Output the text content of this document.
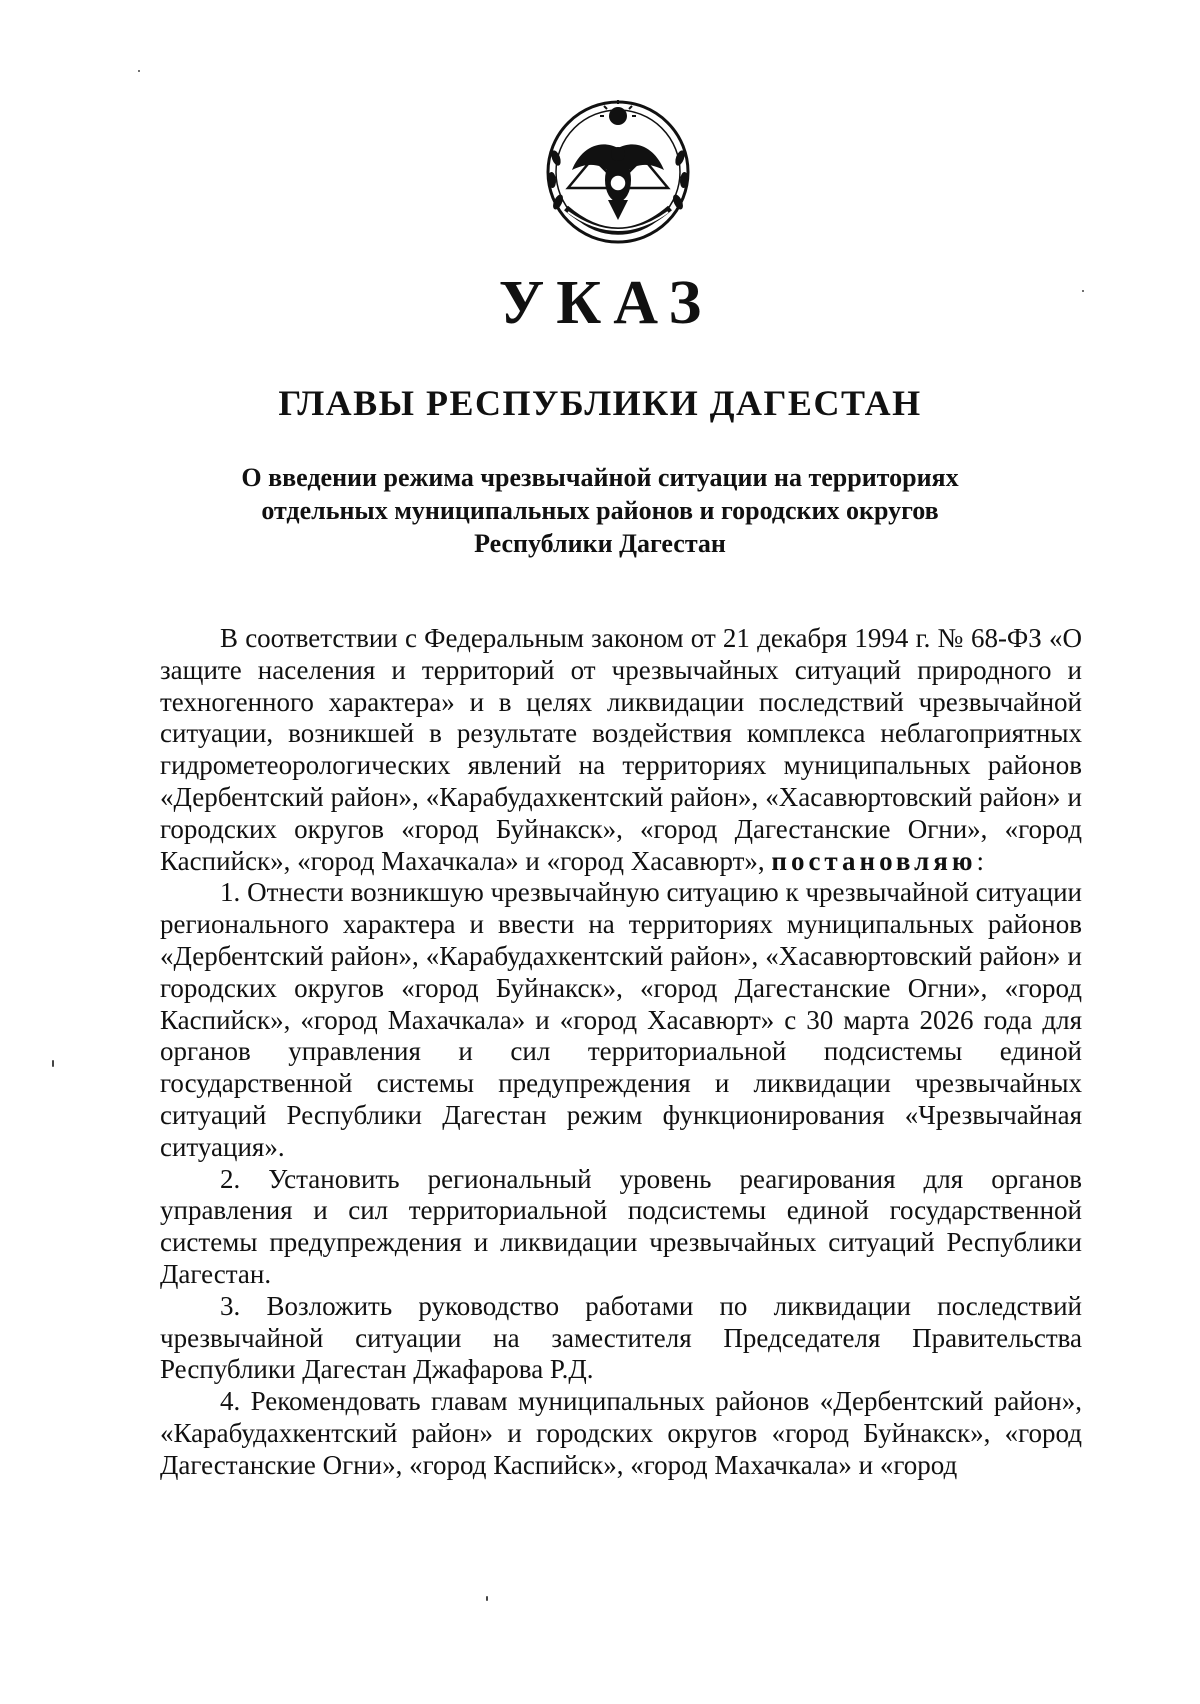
УКАЗ
ГЛАВЫ РЕСПУБЛИКИ ДАГЕСТАН
О введении режима чрезвычайной ситуации на территориях
отдельных муниципальных районов и городских округов
Республики Дагестан

В соответствии с Федеральным законом от 21 декабря 1994 г. № 68-ФЗ «О защите населения и территорий от чрезвычайных ситуаций природного и техногенного характера» и в целях ликвидации последствий чрезвычайной ситуации, возникшей в результате воздействия комплекса неблагоприятных гидрометеорологических явлений на территориях муниципальных районов «Дербентский район», «Карабудахкентский район», «Хасавюртовский район» и городских округов «город Буйнакск», «город Дагестанские Огни», «город Каспийск», «город Махачкала» и «город Хасавюрт», постановляю:

1. Отнести возникшую чрезвычайную ситуацию к чрезвычайной ситуации регионального характера и ввести на территориях муниципальных районов «Дербентский район», «Карабудахкентский район», «Хасавюртовский район» и городских округов «город Буйнакск», «город Дагестанские Огни», «город Каспийск», «город Махачкала» и «город Хасавюрт» с 30 марта 2026 года для органов управления и сил территориальной подсистемы единой государственной системы предупреждения и ликвидации чрезвычайных ситуаций Республики Дагестан режим функционирования «Чрезвычайная ситуация».

2. Установить региональный уровень реагирования для органов управления и сил территориальной подсистемы единой государственной системы предупреждения и ликвидации чрезвычайных ситуаций Республики Дагестан.

3. Возложить руководство работами по ликвидации последствий чрезвычайной ситуации на заместителя Председателя Правительства Республики Дагестан Джафарова Р.Д.

4. Рекомендовать главам муниципальных районов «Дербентский район», «Карабудахкентский район» и городских округов «город Буйнакск», «город Дагестанские Огни», «город Каспийск», «город Махачкала» и «город
